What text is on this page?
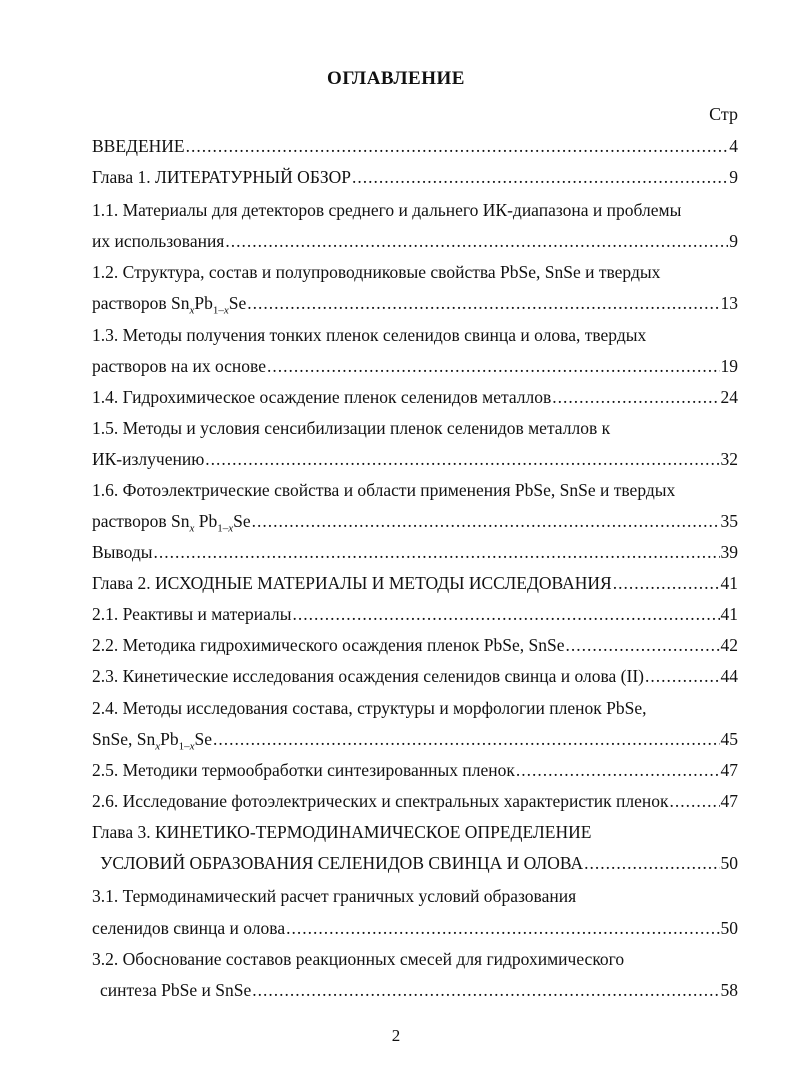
ОГЛАВЛЕНИЕ
Стр
ВВЕДЕНИЕ .....	4
Глава 1. ЛИТЕРАТУРНЫЙ ОБЗОР .....	9
1.1. Материалы для детекторов среднего и дальнего ИК-диапазона и проблемы
их использования .....	9
1.2. Структура, состав и полупроводниковые свойства PbSe, SnSe и твердых
растворов $Sn_xPb_{1-x}Se$ .....	13
1.3. Методы получения тонких пленок селенидов свинца и олова, твердых
растворов на их основе .....	19
1.4. Гидрохимическое осаждение пленок селенидов металлов .....	24
1.5. Методы и условия сенсибилизации пленок селенидов металлов к
ИК-излучению .....	32
1.6. Фотоэлектрические свойства и области применения PbSe, SnSe и твердых
растворов $Sn_x$ $Pb_{1-x}Se$ .....	35
Выводы .....	39
Глава 2. ИСХОДНЫЕ МАТЕРИАЛЫ И МЕТОДЫ ИССЛЕДОВАНИЯ .....	41
2.1. Реактивы и материалы .....	41
2.2. Методика гидрохимического осаждения пленок PbSe, SnSe .....	42
2.3. Кинетические исследования осаждения селенидов свинца и олова (II) .....	44
2.4. Методы исследования состава, структуры и морфологии пленок PbSe,
SnSe, $Sn_xPb_{1-x}Se$ .....	45
2.5. Методики термообработки синтезированных пленок .....	47
2.6. Исследование фотоэлектрических и спектральных характеристик пленок .....	47
Глава 3. КИНЕТИКО-ТЕРМОДИНАМИЧЕСКОЕ ОПРЕДЕЛЕНИЕ
УСЛОВИЙ ОБРАЗОВАНИЯ СЕЛЕНИДОВ СВИНЦА И ОЛОВА .....	50
3.1. Термодинамический расчет граничных условий образования
селенидов свинца и олова .....	50
3.2. Обоснование составов реакционных смесей для гидрохимического
синтеза PbSe и SnSe .....	58
2
